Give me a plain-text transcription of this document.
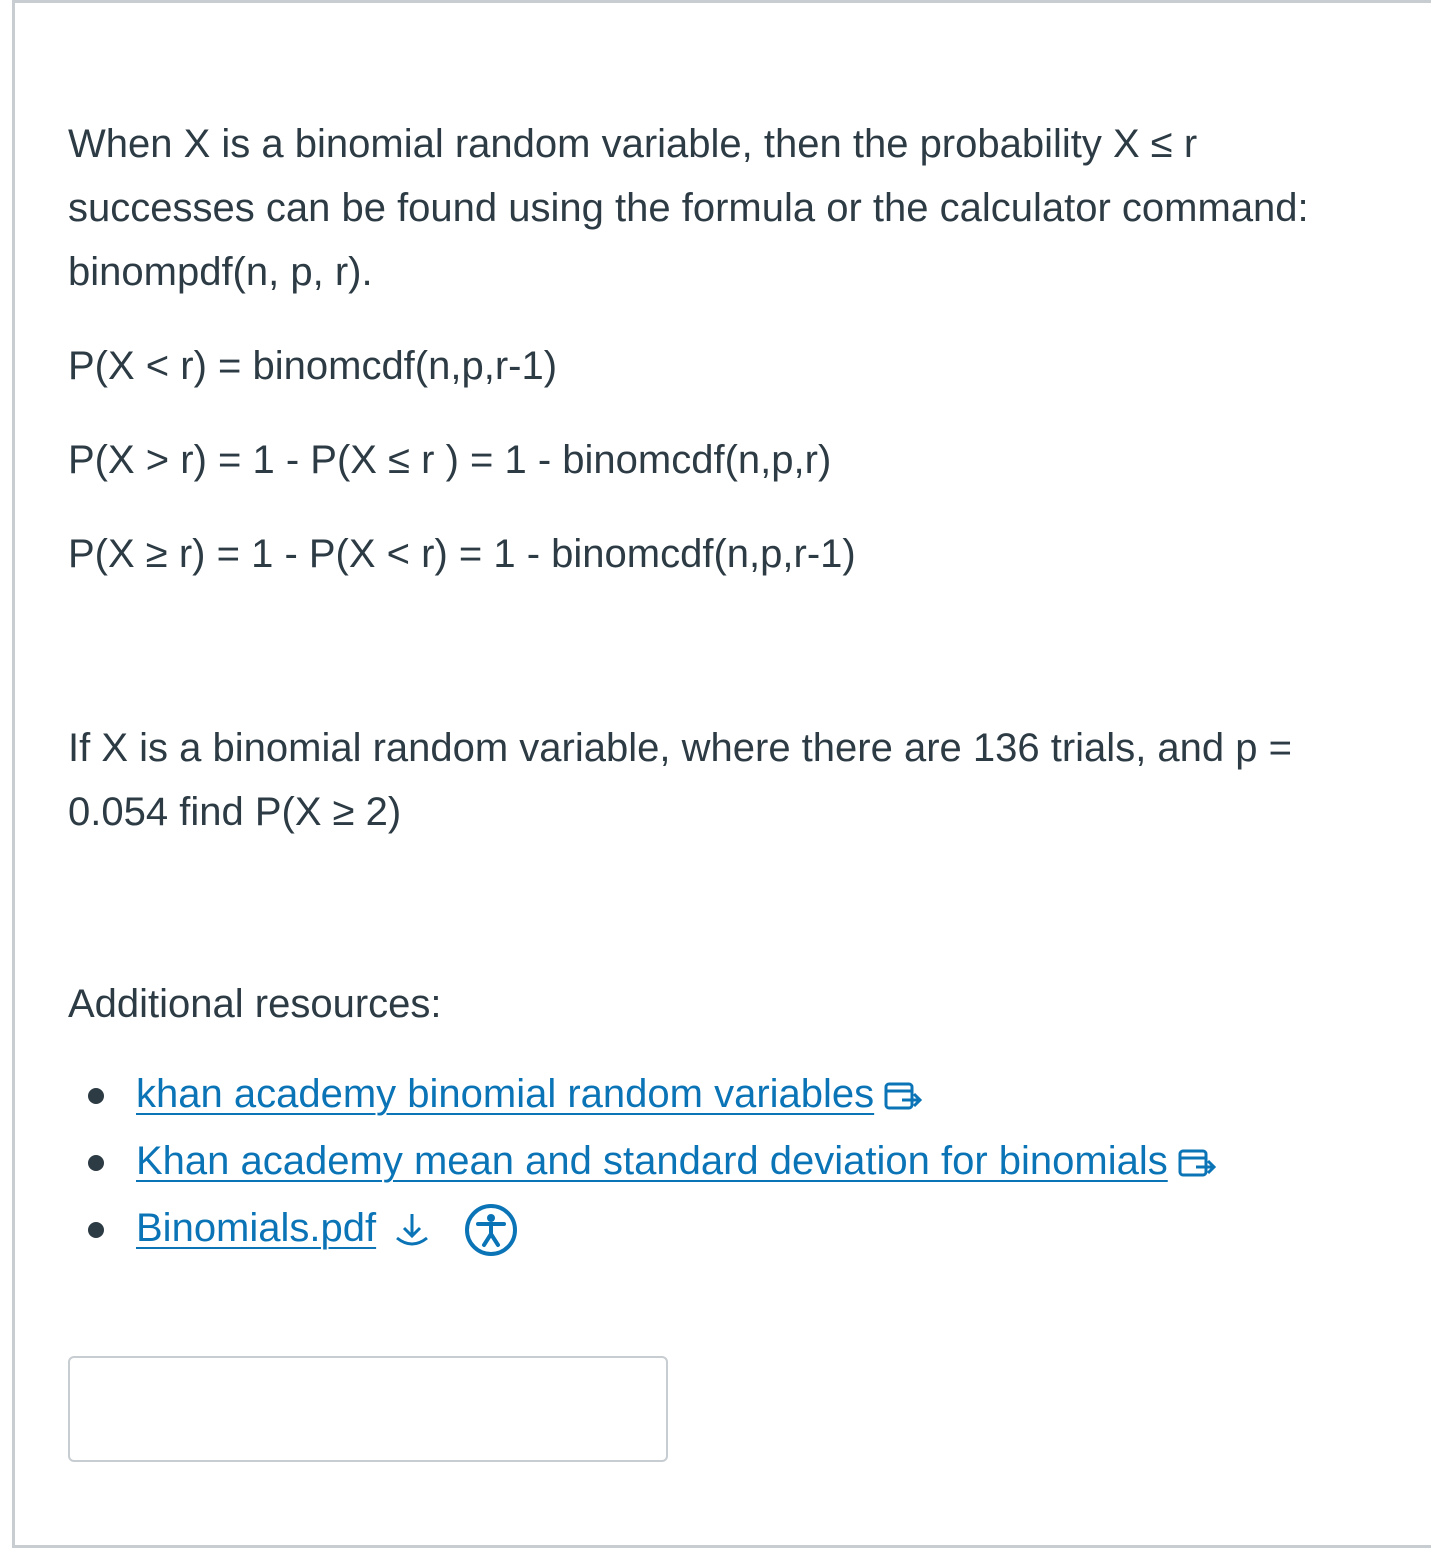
When X is a binomial random variable, then the probability X ≤ r
successes can be found using the formula or the calculator command:
binompdf(n, p, r).

P(X < r) = binomcdf(n,p,r-1)

P(X > r) = 1 - P(X ≤ r ) = 1 - binomcdf(n,p,r)

P(X ≥ r) = 1 - P(X < r) = 1 - binomcdf(n,p,r-1)

If X is a binomial random variable, where there are 136 trials, and p =
0.054 find P(X ≥ 2)

Additional resources:

khan academy binomial random variables
Khan academy mean and standard deviation for binomials
Binomials.pdf
